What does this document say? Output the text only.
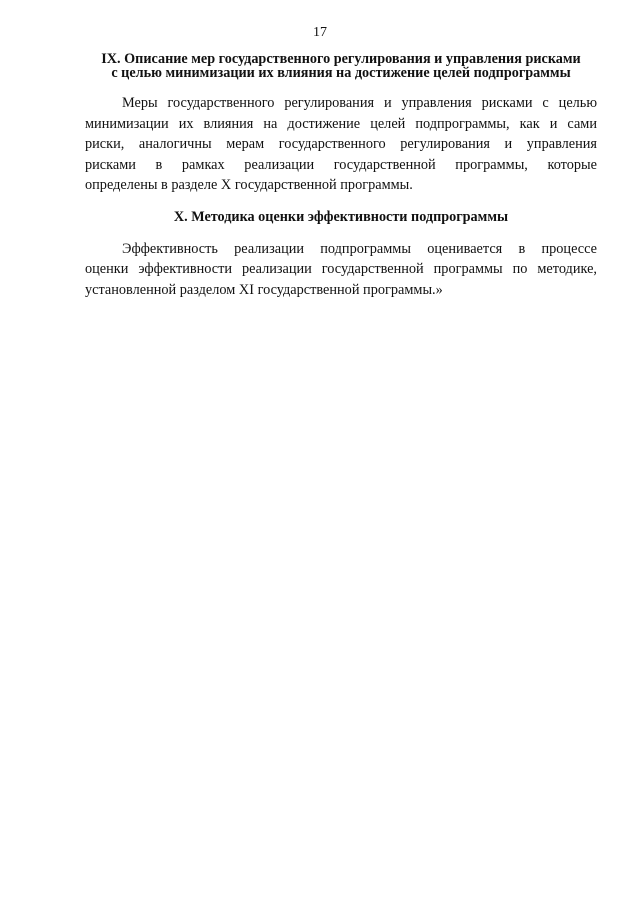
17
IX. Описание мер государственного регулирования и управления рисками
с целью минимизации их влияния на достижение целей подпрограммы
Меры государственного регулирования и управления рисками с целью
минимизации их влияния на достижение целей подпрограммы, как и сами
риски, аналогичны мерам государственного регулирования и управления
рисками в рамках реализации государственной программы, которые
определены в разделе X государственной программы.
X. Методика оценки эффективности подпрограммы
Эффективность реализации подпрограммы оценивается в процессе
оценки эффективности реализации государственной программы по методике,
установленной разделом XI государственной программы.»
